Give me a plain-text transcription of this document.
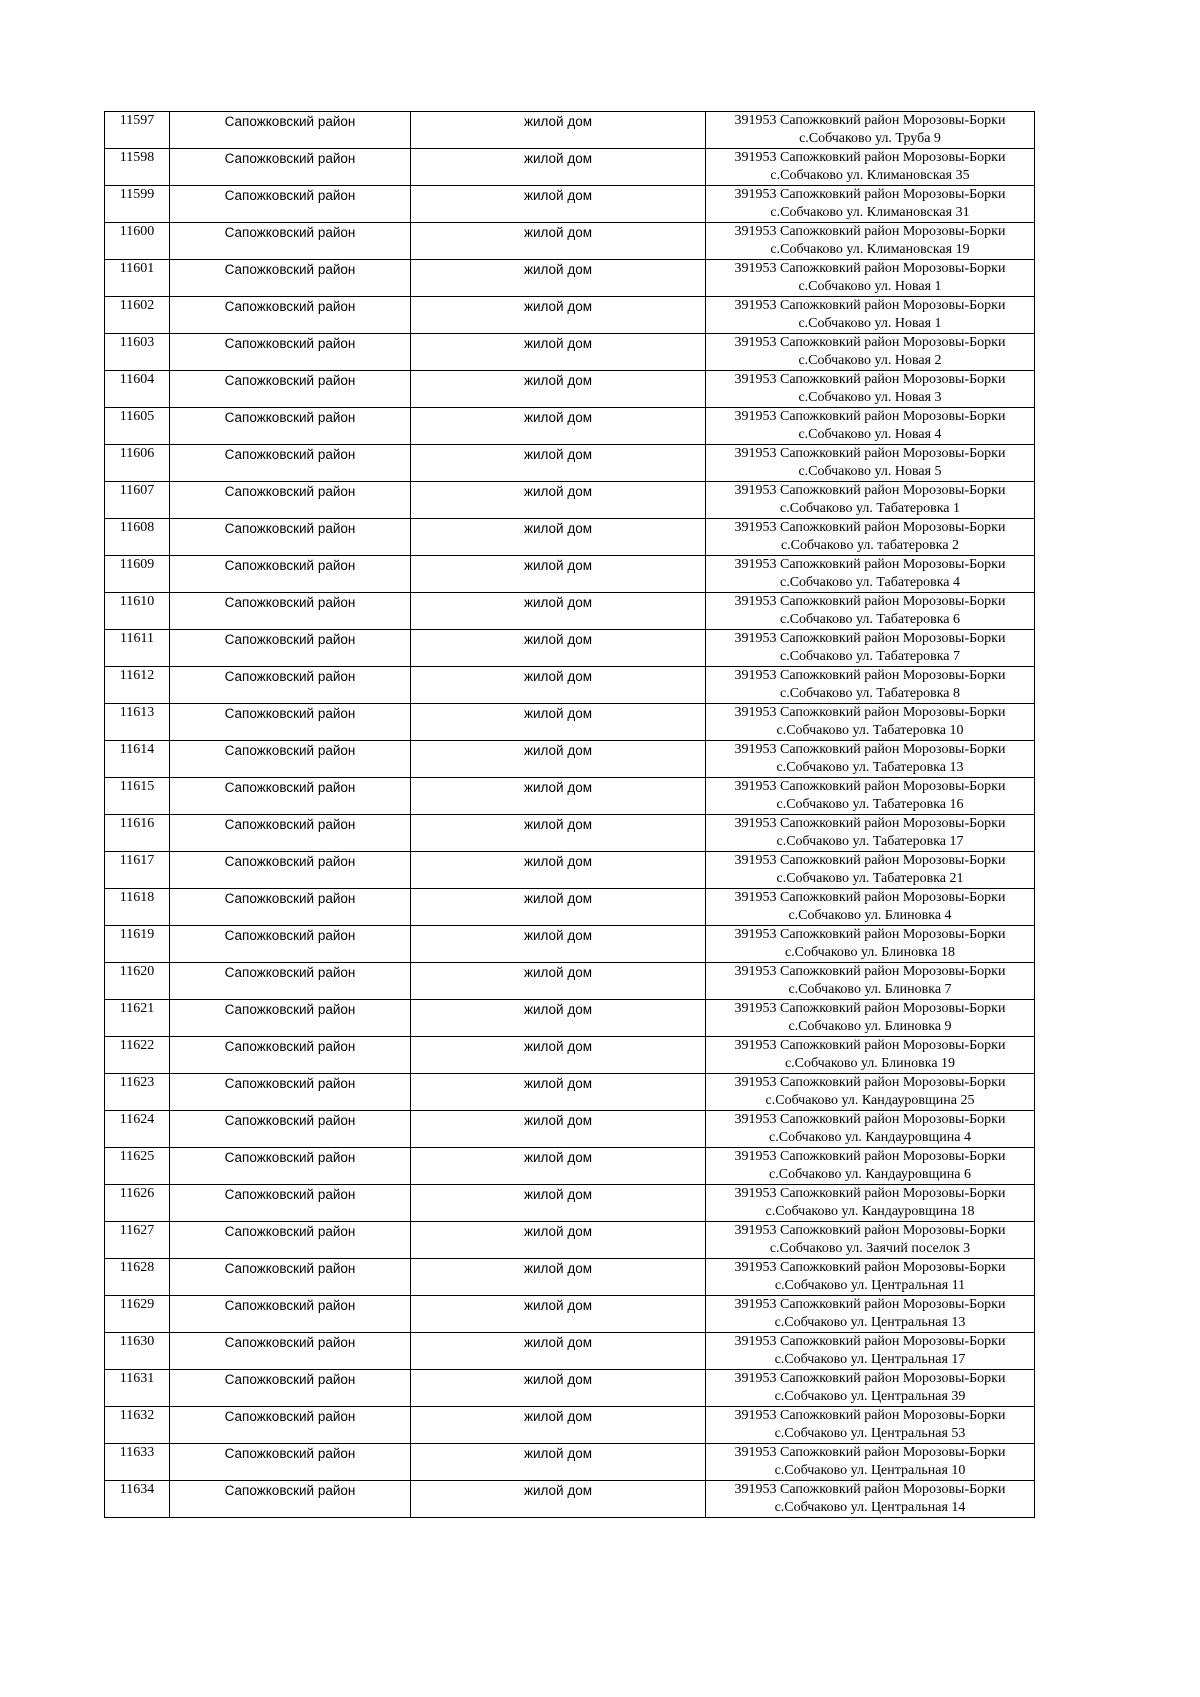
11597	Сапожковский район	жилой дом	391953 Сапожковкий район Морозовы-Борки
с.Собчаково ул. Труба 9

11598	Сапожковский район	жилой дом	391953 Сапожковкий район Морозовы-Борки
с.Собчаково ул. Климановская 35

11599	Сапожковский район	жилой дом	391953 Сапожковкий район Морозовы-Борки
с.Собчаково ул. Климановская 31

11600	Сапожковский район	жилой дом	391953 Сапожковкий район Морозовы-Борки
с.Собчаково ул. Климановская 19

11601	Сапожковский район	жилой дом	391953 Сапожковкий район Морозовы-Борки
с.Собчаково ул. Новая 1

11602	Сапожковский район	жилой дом	391953 Сапожковкий район Морозовы-Борки
с.Собчаково ул. Новая 1

11603	Сапожковский район	жилой дом	391953 Сапожковкий район Морозовы-Борки
с.Собчаково ул. Новая 2

11604	Сапожковский район	жилой дом	391953 Сапожковкий район Морозовы-Борки
с.Собчаково ул. Новая 3

11605	Сапожковский район	жилой дом	391953 Сапожковкий район Морозовы-Борки
с.Собчаково ул. Новая 4

11606	Сапожковский район	жилой дом	391953 Сапожковкий район Морозовы-Борки
с.Собчаково ул. Новая 5

11607	Сапожковский район	жилой дом	391953 Сапожковкий район Морозовы-Борки
с.Собчаково ул. Табатеровка 1

11608	Сапожковский район	жилой дом	391953 Сапожковкий район Морозовы-Борки
с.Собчаково ул. табатеровка 2

11609	Сапожковский район	жилой дом	391953 Сапожковкий район Морозовы-Борки
с.Собчаково ул. Табатеровка 4

11610	Сапожковский район	жилой дом	391953 Сапожковкий район Морозовы-Борки
с.Собчаково ул. Табатеровка 6

11611	Сапожковский район	жилой дом	391953 Сапожковкий район Морозовы-Борки
с.Собчаково ул. Табатеровка 7

11612	Сапожковский район	жилой дом	391953 Сапожковкий район Морозовы-Борки
с.Собчаково ул. Табатеровка 8

11613	Сапожковский район	жилой дом	391953 Сапожковкий район Морозовы-Борки
с.Собчаково ул. Табатеровка 10

11614	Сапожковский район	жилой дом	391953 Сапожковкий район Морозовы-Борки
с.Собчаково ул. Табатеровка 13

11615	Сапожковский район	жилой дом	391953 Сапожковкий район Морозовы-Борки
с.Собчаково ул. Табатеровка 16

11616	Сапожковский район	жилой дом	391953 Сапожковкий район Морозовы-Борки
с.Собчаково ул. Табатеровка 17

11617	Сапожковский район	жилой дом	391953 Сапожковкий район Морозовы-Борки
с.Собчаково ул. Табатеровка 21

11618	Сапожковский район	жилой дом	391953 Сапожковкий район Морозовы-Борки
с.Собчаково ул. Блиновка 4

11619	Сапожковский район	жилой дом	391953 Сапожковкий район Морозовы-Борки
с.Собчаково ул. Блиновка 18

11620	Сапожковский район	жилой дом	391953 Сапожковкий район Морозовы-Борки
с.Собчаково ул. Блиновка 7

11621	Сапожковский район	жилой дом	391953 Сапожковкий район Морозовы-Борки
с.Собчаково ул. Блиновка 9

11622	Сапожковский район	жилой дом	391953 Сапожковкий район Морозовы-Борки
с.Собчаково ул. Блиновка 19

11623	Сапожковский район	жилой дом	391953 Сапожковкий район Морозовы-Борки
с.Собчаково ул. Кандауровщина 25

11624	Сапожковский район	жилой дом	391953 Сапожковкий район Морозовы-Борки
с.Собчаково ул. Кандауровщина 4

11625	Сапожковский район	жилой дом	391953 Сапожковкий район Морозовы-Борки
с.Собчаково ул. Кандауровщина 6

11626	Сапожковский район	жилой дом	391953 Сапожковкий район Морозовы-Борки
с.Собчаково ул. Кандауровщина 18

11627	Сапожковский район	жилой дом	391953 Сапожковкий район Морозовы-Борки
с.Собчаково ул. Заячий поселок 3

11628	Сапожковский район	жилой дом	391953 Сапожковкий район Морозовы-Борки
с.Собчаково ул. Центральная 11

11629	Сапожковский район	жилой дом	391953 Сапожковкий район Морозовы-Борки
с.Собчаково ул. Центральная 13

11630	Сапожковский район	жилой дом	391953 Сапожковкий район Морозовы-Борки
с.Собчаково ул. Центральная 17

11631	Сапожковский район	жилой дом	391953 Сапожковкий район Морозовы-Борки
с.Собчаково ул. Центральная 39

11632	Сапожковский район	жилой дом	391953 Сапожковкий район Морозовы-Борки
с.Собчаково ул. Центральная 53

11633	Сапожковский район	жилой дом	391953 Сапожковкий район Морозовы-Борки
с.Собчаково ул. Центральная 10

11634	Сапожковский район	жилой дом	391953 Сапожковкий район Морозовы-Борки
с.Собчаково ул. Центральная 14
